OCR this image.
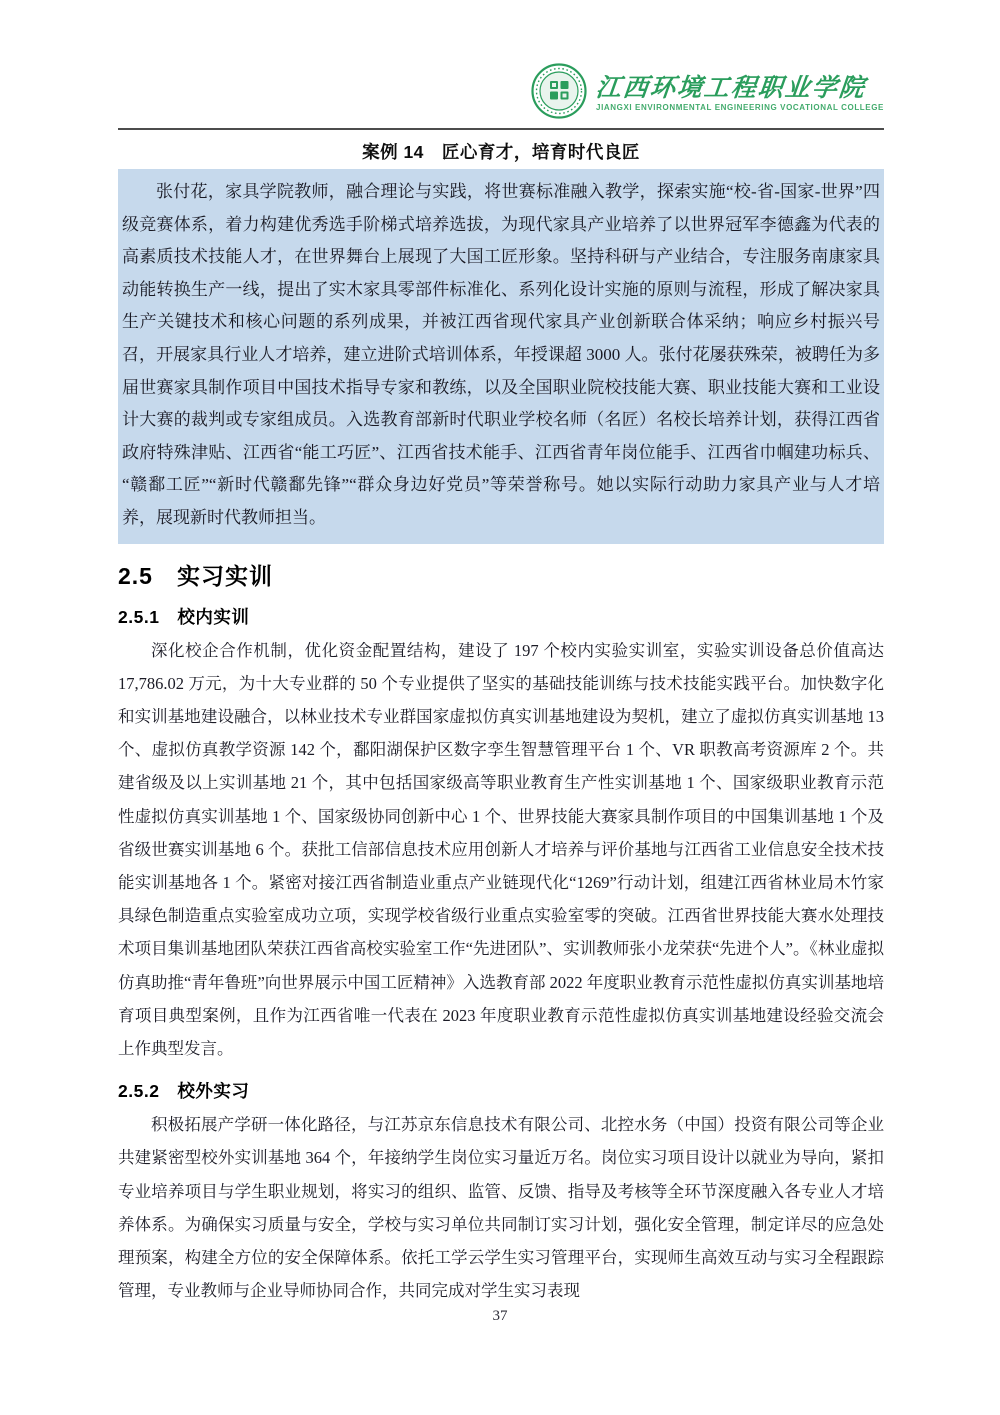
江西环境工程职业学院
JIANGXI ENVIRONMENTAL ENGINEERING VOCATIONAL COLLEGE
案例 14　匠心育才，培育时代良匠

张付花，家具学院教师，融合理论与实践，将世赛标准融入教学，探索实施“校-省-国家-世界”四级竞赛体系，着力构建优秀选手阶梯式培养选拔，为现代家具产业培养了以世界冠军李德鑫为代表的高素质技术技能人才，在世界舞台上展现了大国工匠形象。坚持科研与产业结合，专注服务南康家具动能转换生产一线，提出了实木家具零部件标准化、系列化设计实施的原则与流程，形成了解决家具生产关键技术和核心问题的系列成果，并被江西省现代家具产业创新联合体采纳；响应乡村振兴号召，开展家具行业人才培养，建立进阶式培训体系，年授课超 3000 人。张付花屡获殊荣，被聘任为多届世赛家具制作项目中国技术指导专家和教练，以及全国职业院校技能大赛、职业技能大赛和工业设计大赛的裁判或专家组成员。入选教育部新时代职业学校名师（名匠）名校长培养计划，获得江西省政府特殊津贴、江西省“能工巧匠”、江西省技术能手、江西省青年岗位能手、江西省巾帼建功标兵、“赣鄱工匠”“新时代赣鄱先锋”“群众身边好党员”等荣誉称号。她以实际行动助力家具产业与人才培养，展现新时代教师担当。

2.5　实习实训
2.5.1　校内实训

深化校企合作机制，优化资金配置结构，建设了 197 个校内实验实训室，实验实训设备总价值高达 17,786.02 万元，为十大专业群的 50 个专业提供了坚实的基础技能训练与技术技能实践平台。加快数字化和实训基地建设融合，以林业技术专业群国家虚拟仿真实训基地建设为契机，建立了虚拟仿真实训基地 13 个、虚拟仿真教学资源 142 个，鄱阳湖保护区数字孪生智慧管理平台 1 个、VR 职教高考资源库 2 个。共建省级及以上实训基地 21 个，其中包括国家级高等职业教育生产性实训基地 1 个、国家级职业教育示范性虚拟仿真实训基地 1 个、国家级协同创新中心 1 个、世界技能大赛家具制作项目的中国集训基地 1 个及省级世赛实训基地 6 个。获批工信部信息技术应用创新人才培养与评价基地与江西省工业信息安全技术技能实训基地各 1 个。紧密对接江西省制造业重点产业链现代化“1269”行动计划，组建江西省林业局木竹家具绿色制造重点实验室成功立项，实现学校省级行业重点实验室零的突破。江西省世界技能大赛水处理技术项目集训基地团队荣获江西省高校实验室工作“先进团队”、实训教师张小龙荣获“先进个人”。《林业虚拟仿真助推“青年鲁班”向世界展示中国工匠精神》入选教育部 2022 年度职业教育示范性虚拟仿真实训基地培育项目典型案例，且作为江西省唯一代表在 2023 年度职业教育示范性虚拟仿真实训基地建设经验交流会上作典型发言。

2.5.2　校外实习

积极拓展产学研一体化路径，与江苏京东信息技术有限公司、北控水务（中国）投资有限公司等企业共建紧密型校外实训基地 364 个，年接纳学生岗位实习量近万名。岗位实习项目设计以就业为导向，紧扣专业培养项目与学生职业规划，将实习的组织、监管、反馈、指导及考核等全环节深度融入各专业人才培养体系。为确保实习质量与安全，学校与实习单位共同制订实习计划，强化安全管理，制定详尽的应急处理预案，构建全方位的安全保障体系。依托工学云学生实习管理平台，实现师生高效互动与实习全程跟踪管理，专业教师与企业导师协同合作，共同完成对学生实习表现

37
